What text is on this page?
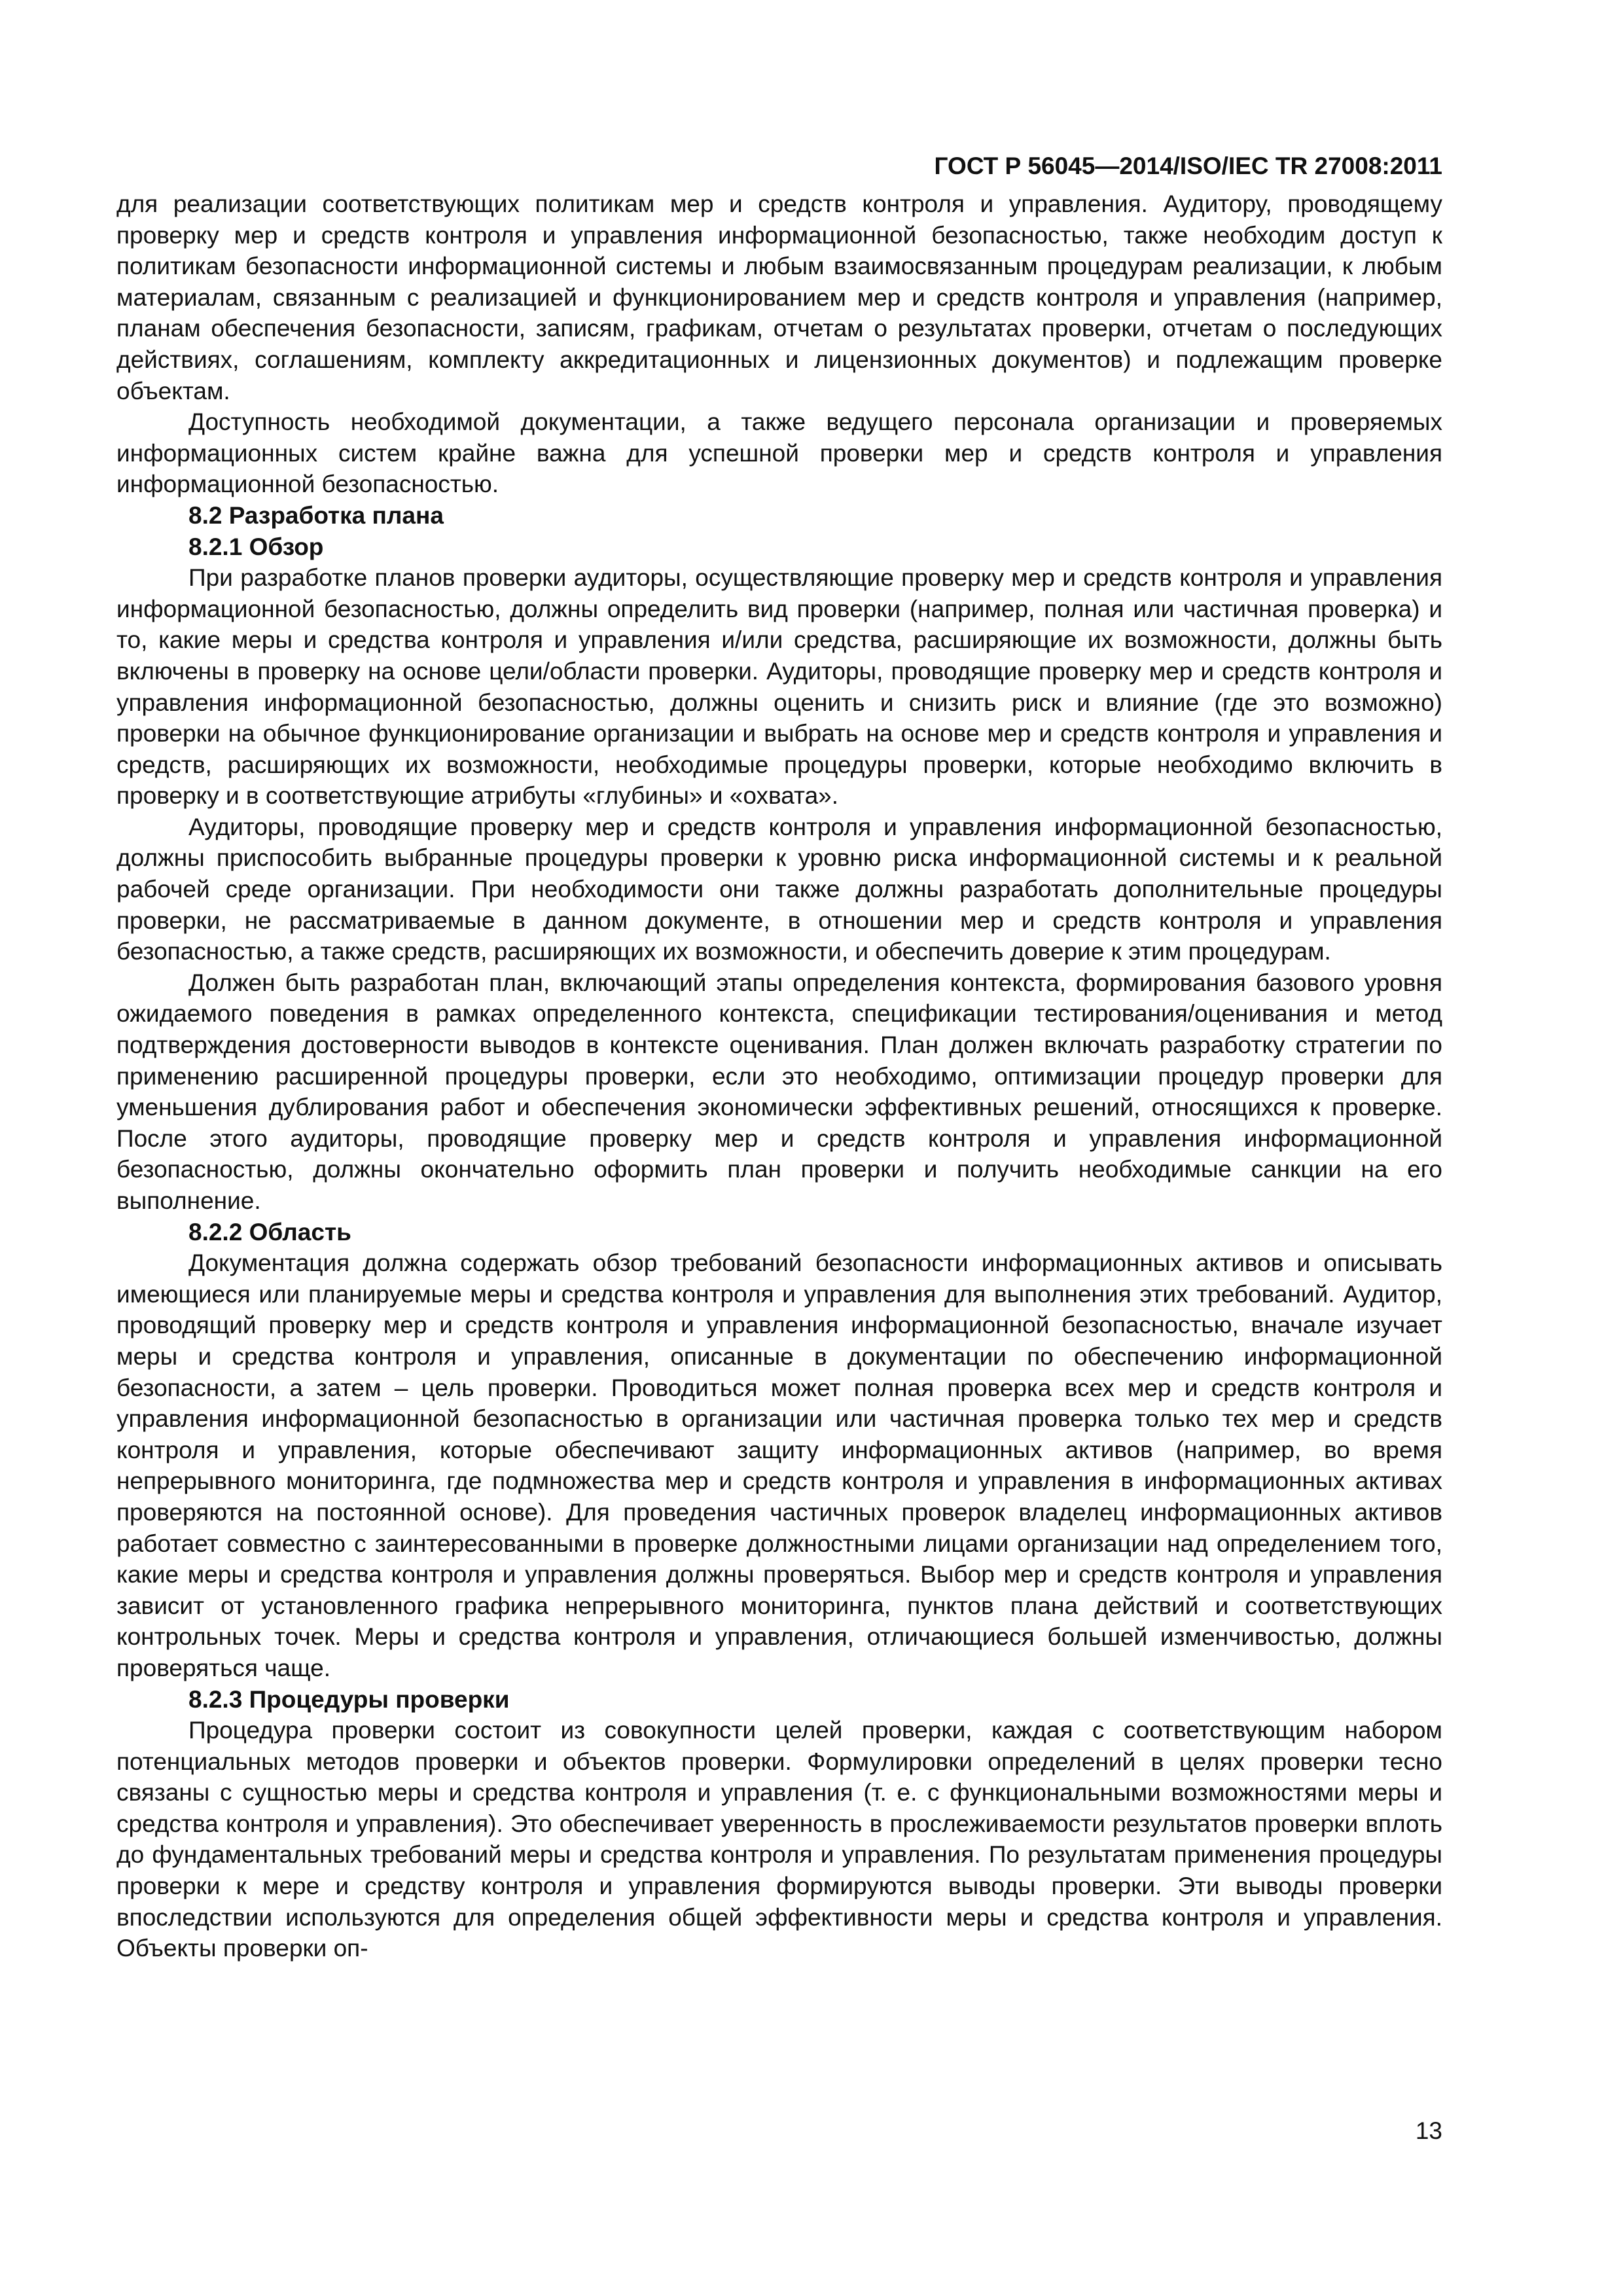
ГОСТ Р 56045—2014/ISO/IEC TR 27008:2011

для реализации соответствующих политикам мер и средств контроля и управления. Аудитору, проводящему проверку мер и средств контроля и управления информационной безопасностью, также необходим доступ к политикам безопасности информационной системы и любым взаимосвязанным процедурам реализации, к любым материалам, связанным с реализацией и функционированием мер и средств контроля и управления (например, планам обеспечения безопасности, записям, графикам, отчетам о результатах проверки, отчетам о последующих действиях, соглашениям, комплекту аккредитационных и лицензионных документов) и подлежащим проверке объектам.

Доступность необходимой документации, а также ведущего персонала организации и проверяемых информационных систем крайне важна для успешной проверки мер и средств контроля и управления информационной безопасностью.

8.2 Разработка плана

8.2.1 Обзор

При разработке планов проверки аудиторы, осуществляющие проверку мер и средств контроля и управления информационной безопасностью, должны определить вид проверки (например, полная или частичная проверка) и то, какие меры и средства контроля и управления и/или средства, расширяющие их возможности, должны быть включены в проверку на основе цели/области проверки. Аудиторы, проводящие проверку мер и средств контроля и управления информационной безопасностью, должны оценить и снизить риск и влияние (где это возможно) проверки на обычное функционирование организации и выбрать на основе мер и средств контроля и управления и средств, расширяющих их возможности, необходимые процедуры проверки, которые необходимо включить в проверку и в соответствующие атрибуты «глубины» и «охвата».

Аудиторы, проводящие проверку мер и средств контроля и управления информационной безопасностью, должны приспособить выбранные процедуры проверки к уровню риска информационной системы и к реальной рабочей среде организации. При необходимости они также должны разработать дополнительные процедуры проверки, не рассматриваемые в данном документе, в отношении мер и средств контроля и управления безопасностью, а также средств, расширяющих их возможности, и обеспечить доверие к этим процедурам.

Должен быть разработан план, включающий этапы определения контекста, формирования базового уровня ожидаемого поведения в рамках определенного контекста, спецификации тестирования/оценивания и метод подтверждения достоверности выводов в контексте оценивания. План должен включать разработку стратегии по применению расширенной процедуры проверки, если это необходимо, оптимизации процедур проверки для уменьшения дублирования работ и обеспечения экономически эффективных решений, относящихся к проверке. После этого аудиторы, проводящие проверку мер и средств контроля и управления информационной безопасностью, должны окончательно оформить план проверки и получить необходимые санкции на его выполнение.

8.2.2 Область

Документация должна содержать обзор требований безопасности информационных активов и описывать имеющиеся или планируемые меры и средства контроля и управления для выполнения этих требований. Аудитор, проводящий проверку мер и средств контроля и управления информационной безопасностью, вначале изучает меры и средства контроля и управления, описанные в документации по обеспечению информационной безопасности, а затем – цель проверки. Проводиться может полная проверка всех мер и средств контроля и управления информационной безопасностью в организации или частичная проверка только тех мер и средств контроля и управления, которые обеспечивают защиту информационных активов (например, во время непрерывного мониторинга, где подмножества мер и средств контроля и управления в информационных активах проверяются на постоянной основе). Для проведения частичных проверок владелец информационных активов работает совместно с заинтересованными в проверке должностными лицами организации над определением того, какие меры и средства контроля и управления должны проверяться. Выбор мер и средств контроля и управления зависит от установленного графика непрерывного мониторинга, пунктов плана действий и соответствующих контрольных точек. Меры и средства контроля и управления, отличающиеся большей изменчивостью, должны проверяться чаще.

8.2.3 Процедуры проверки

Процедура проверки состоит из совокупности целей проверки, каждая с соответствующим набором потенциальных методов проверки и объектов проверки. Формулировки определений в целях проверки тесно связаны с сущностью меры и средства контроля и управления (т. е. с функциональными возможностями меры и средства контроля и управления). Это обеспечивает уверенность в прослеживаемости результатов проверки вплоть до фундаментальных требований меры и средства контроля и управления. По результатам применения процедуры проверки к мере и средству контроля и управления формируются выводы проверки. Эти выводы проверки впоследствии используются для определения общей эффективности меры и средства контроля и управления. Объекты проверки оп-

13
